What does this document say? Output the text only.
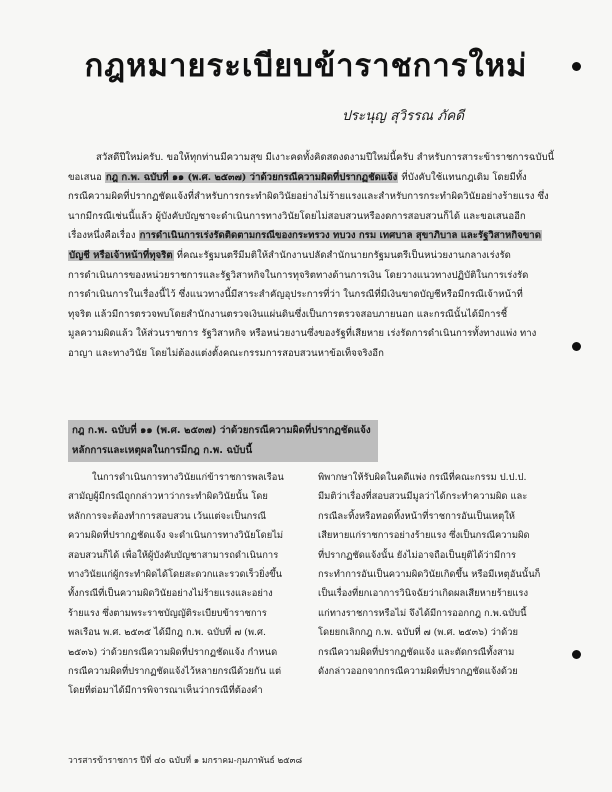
กฎหมายระเบียบข้าราชการใหม่
ประนุญ สุวิรรณ ภัคดี
สวัสดีปีใหม่ครับ. ขอให้ทุกท่านมีความสุข มีเงาะคดทั้งคิดสดงดงามปีใหม่นี้ครับ สำหรับการสาระข้าราชการฉบับนี้
ขอเสนอ กฎ ก.พ. ฉบับที่ ๑๑ (พ.ศ. ๒๕๓๗) ว่าด้วยกรณีความผิดที่ปรากฏชัดแจ้ง ที่บังคับใช้แทนกฎเดิม โดยมีทั้ง
กรณีความผิดที่ปรากฏชัดแจ้งที่สำหรับการกระทำผิดวินัยอย่างไม่ร้ายแรงและสำหรับการกระทำผิดวินัยอย่างร้ายแรง ซึ่ง
นากมีกรณีเช่นนี้แล้ว ผู้บังคับบัญชาจะดำเนินการทางวินัยโดยไม่สอบสวนหรืองดการสอบสวนก็ได้ และขอเสนออีก
เรื่องหนึ่งคือเรื่อง การดำเนินการเร่งรัดติดตามกรณีของกระทรวง ทบวง กรม เทศบาล สุขาภิบาล และรัฐวิสาหกิจขาด
บัญชี หรือเจ้าหน้าที่ทุจริต ที่คณะรัฐมนตรีมีมติให้สำนักงานปลัดสำนักนายกรัฐมนตรีเป็นหน่วยงานกลางเร่งรัด
การดำเนินการของหน่วยราชการและรัฐวิสาหกิจในการทุจริตทางด้านการเงิน โดยวางแนวทางปฏิบัติในการเร่งรัด
การดำเนินการในเรื่องนี้ไว้ ซึ่งแนวทางนี้มีสาระสำคัญอุประการที่ว่า ในกรณีที่มีเงินขาดบัญชีหรือมีกรณีเจ้าหน้าที่
ทุจริต แล้วมีการตรวจพบโดยสำนักงานตรวจเงินแผ่นดินซึ่งเป็นการตรวจสอบภายนอก และกรณีนั้นได้มีการชี้
มูลความผิดแล้ว ให้ส่วนราชการ รัฐวิสาหกิจ หรือหน่วยงานซึ่งของรัฐที่เสียหาย เร่งรัดการดำเนินการทั้งทางแพ่ง ทาง
อาญา และทางวินัย โดยไม่ต้องแต่งตั้งคณะกรรมการสอบสวนหาข้อเท็จจริงอีก
กฎ ก.พ. ฉบับที่ ๑๑ (พ.ศ. ๒๕๓๗) ว่าด้วยกรณีความผิดที่ปรากฏชัดแจ้ง
หลักการและเหตุผลในการมีกฎ ก.พ. ฉบับนี้
ในการดำเนินการทางวินัยแก่ข้าราชการพลเรือน
สามัญผู้มีกรณีถูกกล่าวหาว่ากระทำผิดวินัยนั้น โดย
หลักการจะต้องทำการสอบสวน เว้นแต่จะเป็นกรณี
ความผิดที่ปรากฏชัดแจ้ง จะดำเนินการทางวินัยโดยไม่
สอบสวนก็ได้ เพื่อให้ผู้บังคับบัญชาสามารถดำเนินการ
ทางวินัยแก่ผู้กระทำผิดได้โดยสะดวกและรวดเร็วยิ่งขึ้น
ทั้งกรณีที่เป็นความผิดวินัยอย่างไม่ร้ายแรงและอย่าง
ร้ายแรง ซึ่งตามพระราชบัญญัติระเบียบข้าราชการ
พลเรือน พ.ศ. ๒๕๓๕ ได้มีกฎ ก.พ. ฉบับที่ ๗ (พ.ศ.
๒๕๓๖) ว่าด้วยกรณีความผิดที่ปรากฏชัดแจ้ง กำหนด
กรณีความผิดที่ปรากฏชัดแจ้งไว้หลายกรณีด้วยกัน แต่
โดยที่ต่อมาได้มีการพิจารณาเห็นว่ากรณีที่ต้องคำ
พิพากษาให้รับผิดในคดีแพ่ง กรณีที่คณะกรรม ป.ป.ป.
มีมติว่าเรื่องที่สอบสวนมีมูลว่าได้กระทำความผิด และ
กรณีละทิ้งหรือทอดทิ้งหน้าที่ราชการอันเป็นเหตุให้
เสียหายแก่ราชการอย่างร้ายแรง ซึ่งเป็นกรณีความผิด
ที่ปรากฏชัดแจ้งนั้น ยังไม่อาจถือเป็นยุติได้ว่ามีการ
กระทำการอันเป็นความผิดวินัยเกิดขึ้น หรือมีเหตุอันนั้นก็
เป็นเรื่องที่ยกเอาการวินิจฉัยว่าเกิดผลเสียหายร้ายแรง
แก่ทางราชการหรือไม่ จึงได้มีการออกกฎ ก.พ.ฉบับนี้
โดยยกเลิกกฎ ก.พ. ฉบับที่ ๗ (พ.ศ. ๒๕๓๖) ว่าด้วย
กรณีความผิดที่ปรากฏชัดแจ้ง และตัดกรณีทั้งสาม
ดังกล่าวออกจากกรณีความผิดที่ปรากฏชัดแจ้งด้วย
วารสารข้าราชการ ปีที่ ๔๐ ฉบับที่ ๑ มกราคม-กุมภาพันธ์ ๒๕๓๘
